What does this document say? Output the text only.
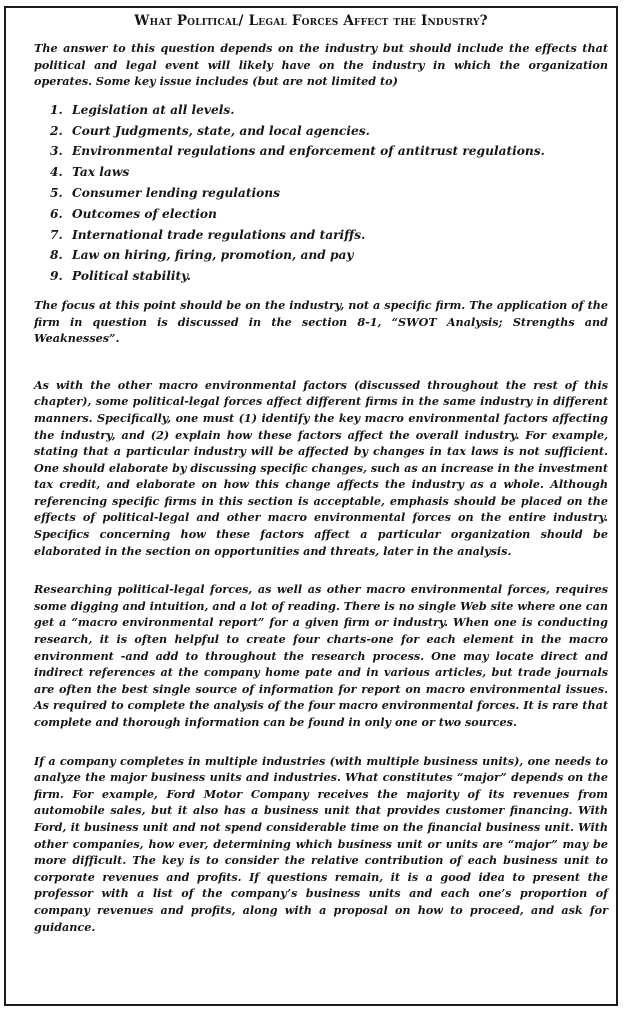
What Political/ Legal Forces Affect the Industry?

The answer to this question depends on the industry but should include the effects that political and legal event will likely have on the industry in which the organization operates. Some key issue includes (but are not limited to)

1. Legislation at all levels.
2. Court Judgments, state, and local agencies.
3. Environmental regulations and enforcement of antitrust regulations.
4. Tax laws
5. Consumer lending regulations
6. Outcomes of election
7. International trade regulations and tariffs.
8. Law on hiring, firing, promotion, and pay
9. Political stability.

The focus at this point should be on the industry, not a specific firm. The application of the firm in question is discussed in the section 8-1, “SWOT Analysis; Strengths and Weaknesses”.

As with the other macro environmental factors (discussed throughout the rest of this chapter), some political-legal forces affect different firms in the same industry in different manners. Specifically, one must (1) identify the key macro environmental factors affecting the industry, and (2) explain how these factors affect the overall industry. For example, stating that a particular industry will be affected by changes in tax laws is not sufficient. One should elaborate by discussing specific changes, such as an increase in the investment tax credit, and elaborate on how this change affects the industry as a whole. Although referencing specific firms in this section is acceptable, emphasis should be placed on the effects of political-legal and other macro environmental forces on the entire industry. Specifics concerning how these factors affect a particular organization should be elaborated in the section on opportunities and threats, later in the analysis.

Researching political-legal forces, as well as other macro environmental forces, requires some digging and intuition, and a lot of reading. There is no single Web site where one can get a “macro environmental report” for a given firm or industry. When one is conducting research, it is often helpful to create four charts-one for each element in the macro environment -and add to throughout the research process. One may locate direct and indirect references at the company home pate and in various articles, but trade journals are often the best single source of information for report on macro environmental issues. As required to complete the analysis of the four macro environmental forces. It is rare that complete and thorough information can be found in only one or two sources.

If a company completes in multiple industries (with multiple business units), one needs to analyze the major business units and industries. What constitutes “major” depends on the firm. For example, Ford Motor Company receives the majority of its revenues from automobile sales, but it also has a business unit that provides customer financing. With Ford, it business unit and not spend considerable time on the financial business unit. With other companies, how ever, determining which business unit or units are “major” may be more difficult. The key is to consider the relative contribution of each business unit to corporate revenues and profits. If questions remain, it is a good idea to present the professor with a list of the company’s business units and each one’s proportion of company revenues and profits, along with a proposal on how to proceed, and ask for guidance.
